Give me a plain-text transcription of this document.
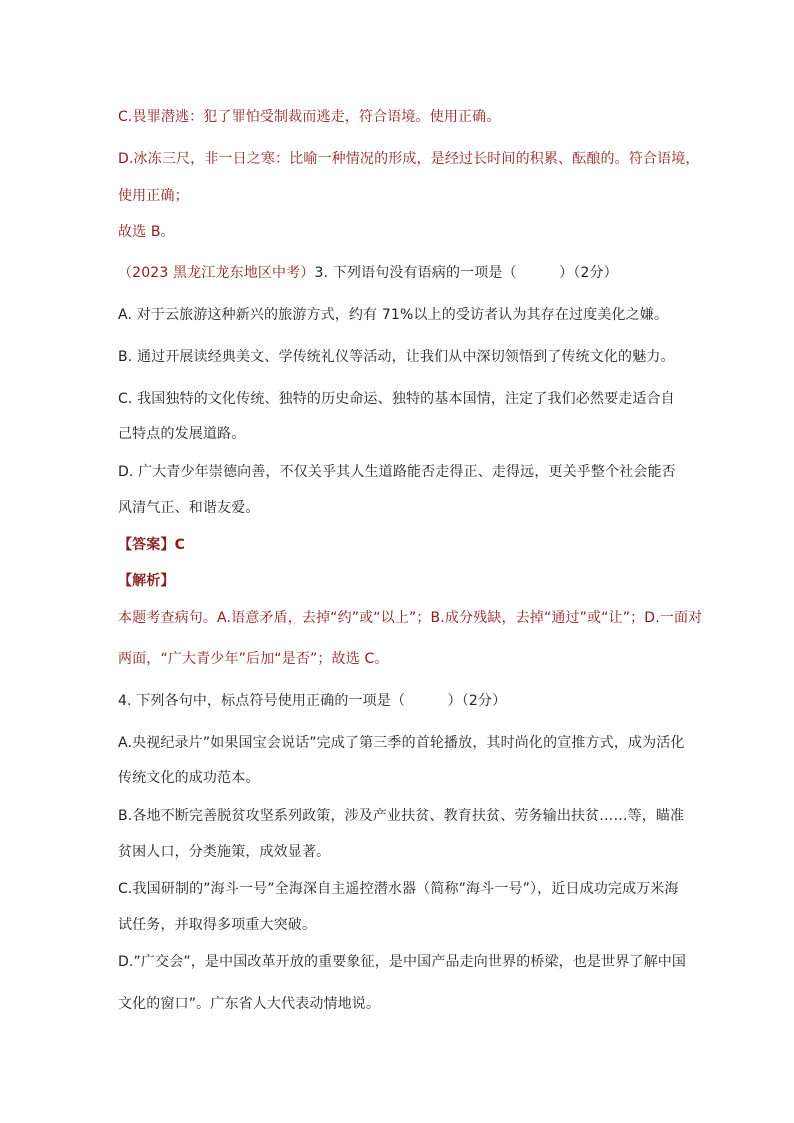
C.畏罪潜逃：犯了罪怕受制裁而逃走，符合语境。使用正确。
D.冰冻三尺，非一日之寒：比喻一种情况的形成，是经过长时间的积累、酝酿的。符合语境，
使用正确；
故选 B。
（2023 黑龙江龙东地区中考）3. 下列语句没有语病的一项是（　　　）（2分）
A. 对于云旅游这种新兴的旅游方式，约有 71%以上的受访者认为其存在过度美化之嫌。
B. 通过开展读经典美文、学传统礼仪等活动，让我们从中深切领悟到了传统文化的魅力。
C. 我国独特的文化传统、独特的历史命运、独特的基本国情，注定了我们必然要走适合自
己特点的发展道路。
D. 广大青少年崇德向善，不仅关乎其人生道路能否走得正、走得远，更关乎整个社会能否
风清气正、和谐友爱。
【答案】C
【解析】
本题考查病句。A.语意矛盾，去掉“约”或“以上”；B.成分残缺，去掉“通过”或“让”；D.一面对
两面，“广大青少年”后加“是否”；故选 C。
4. 下列各句中，标点符号使用正确的一项是（　　　）（2分）
A.央视纪录片”如果国宝会说话”完成了第三季的首轮播放，其时尚化的宣推方式，成为活化
传统文化的成功范本。
B.各地不断完善脱贫攻坚系列政策，涉及产业扶贫、教育扶贫、劳务输出扶贫……等，瞄准
贫困人口，分类施策，成效显著。
C.我国研制的”海斗一号”全海深自主遥控潜水器（简称”海斗一号”），近日成功完成万米海
试任务，并取得多项重大突破。
D.”广交会”，是中国改革开放的重要象征，是中国产品走向世界的桥梁，也是世界了解中国
文化的窗口”。广东省人大代表动情地说。
